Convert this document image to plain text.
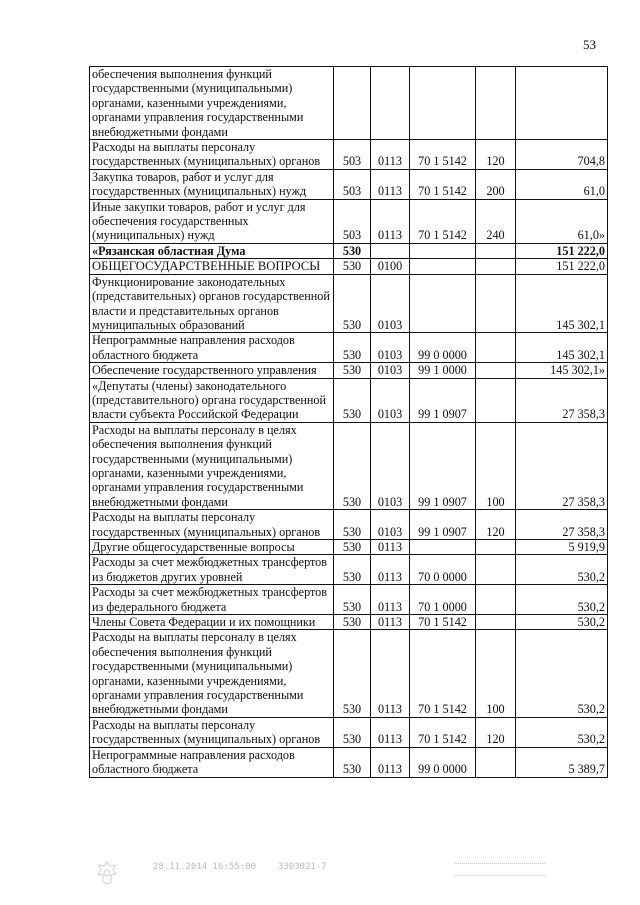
53
обеспечения выполнения функций государственными (муниципальными) органами, казенными учреждениями, органами управления государственными внебюджетными фондами					
Расходы на выплаты персоналу государственных (муниципальных) органов	503	0113	70 1 5142	120	704,8
Закупка товаров, работ и услуг для государственных (муниципальных) нужд	503	0113	70 1 5142	200	61,0
Иные закупки товаров, работ и услуг для обеспечения государственных (муниципальных) нужд	503	0113	70 1 5142	240	61,0»
«Рязанская областная Дума	530				151 222,0
ОБЩЕГОСУДАРСТВЕННЫЕ ВОПРОСЫ	530	0100			151 222,0
Функционирование законодательных (представительных) органов государственной власти и представительных органов муниципальных образований	530	0103			145 302,1
Непрограммные направления расходов областного бюджета	530	0103	99 0 0000		145 302,1
Обеспечение государственного управления	530	0103	99 1 0000		145 302,1»
«Депутаты (члены) законодательного (представительного) органа государственной власти субъекта Российской Федерации	530	0103	99 1 0907		27 358,3
Расходы на выплаты персоналу в целях обеспечения выполнения функций государственными (муниципальными) органами, казенными учреждениями, органами управления государственными внебюджетными фондами	530	0103	99 1 0907	100	27 358,3
Расходы на выплаты персоналу государственных (муниципальных) органов	530	0103	99 1 0907	120	27 358,3
Другие общегосударственные вопросы	530	0113			5 919,9
Расходы за счет межбюджетных трансфертов из бюджетов других уровней	530	0113	70 0 0000		530,2
Расходы за счет межбюджетных трансфертов из федерального бюджета	530	0113	70 1 0000		530,2
Члены Совета Федерации и их помощники	530	0113	70 1 5142		530,2
Расходы на выплаты персоналу в целях обеспечения выполнения функций государственными (муниципальными) органами, казенными учреждениями, органами управления государственными внебюджетными фондами	530	0113	70 1 5142	100	530,2
Расходы на выплаты персоналу государственных (муниципальных) органов	530	0113	70 1 5142	120	530,2
Непрограммные направления расходов областного бюджета	530	0113	99 0 0000		5 389,7
28.11.2014 16:55:00 3303021-7
